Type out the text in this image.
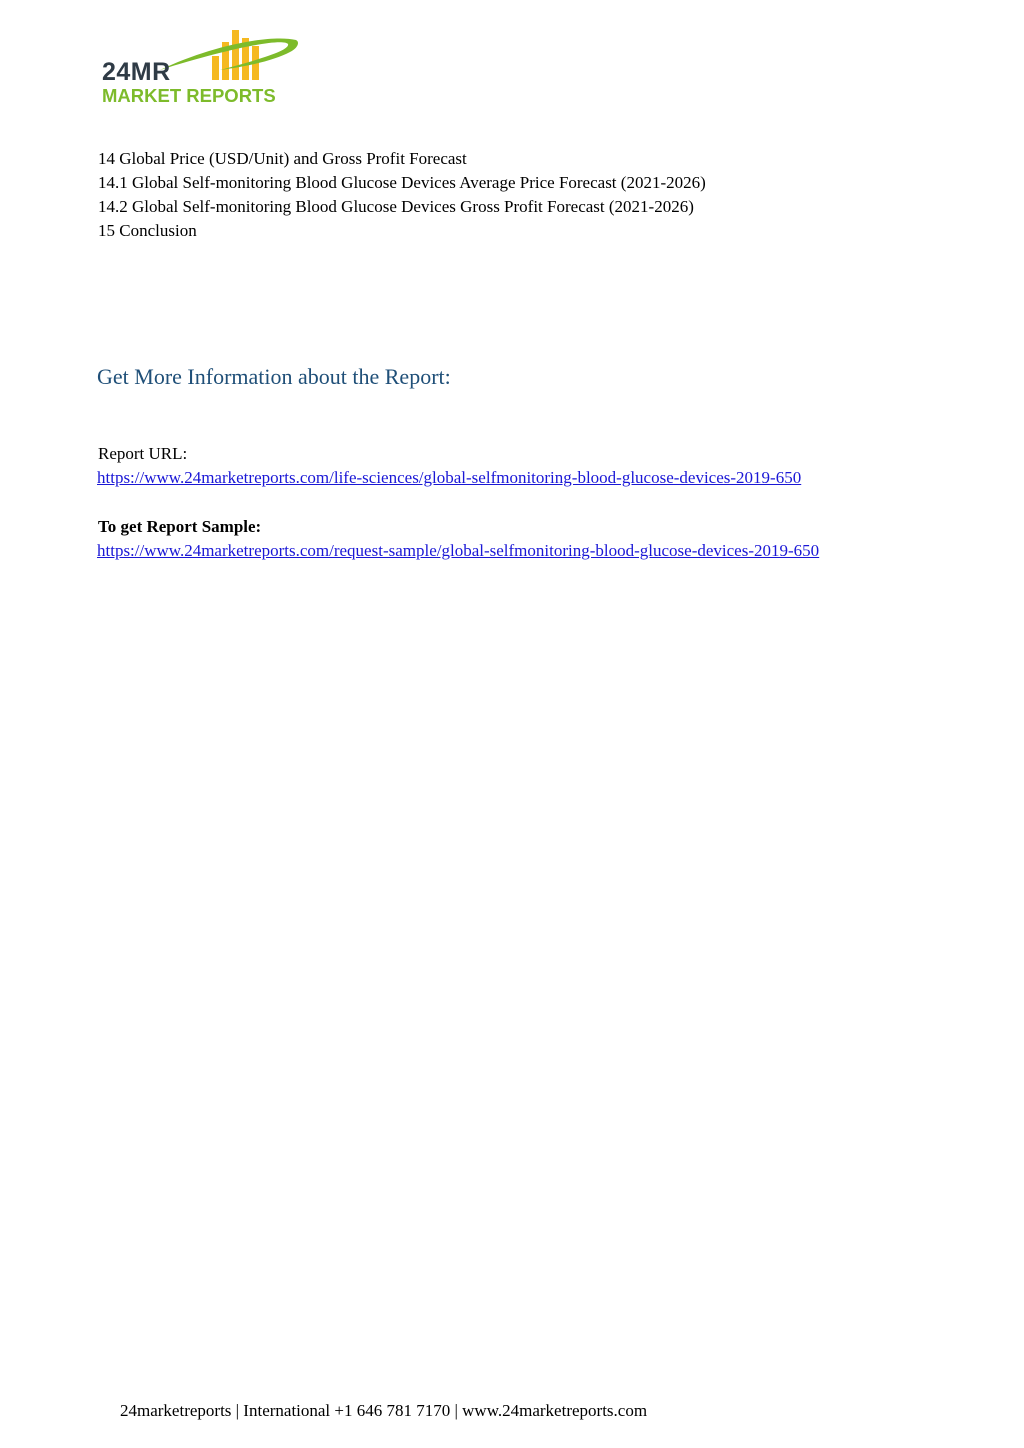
24MR
MARKET REPORTS
14 Global Price (USD/Unit) and Gross Profit Forecast
14.1 Global Self-monitoring Blood Glucose Devices Average Price Forecast (2021-2026)
14.2 Global Self-monitoring Blood Glucose Devices Gross Profit Forecast (2021-2026)
15 Conclusion
Get More Information about the Report:
Report URL:
https://www.24marketreports.com/life-sciences/global-selfmonitoring-blood-glucose-devices-2019-650
To get Report Sample:
https://www.24marketreports.com/request-sample/global-selfmonitoring-blood-glucose-devices-2019-650
24marketreports | International +1 646 781 7170 | www.24marketreports.com
